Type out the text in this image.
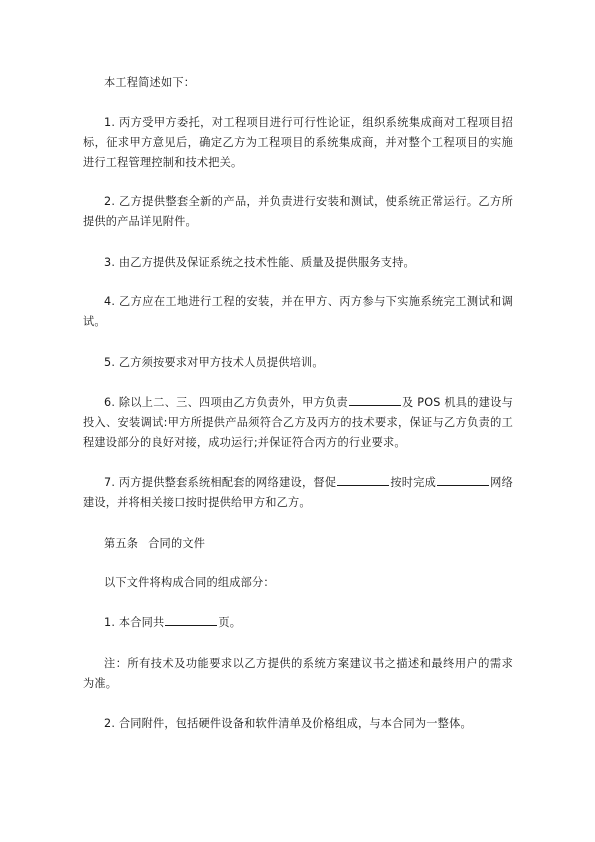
本工程简述如下：

1. 丙方受甲方委托，对工程项目进行可行性论证，组织系统集成商对工程项目招标，征求甲方意见后，确定乙方为工程项目的系统集成商，并对整个工程项目的实施进行工程管理控制和技术把关。

2. 乙方提供整套全新的产品，并负责进行安装和测试，使系统正常运行。乙方所提供的产品详见附件。

3. 由乙方提供及保证系统之技术性能、质量及提供服务支持。

4. 乙方应在工地进行工程的安装，并在甲方、丙方参与下实施系统完工测试和调试。

5. 乙方须按要求对甲方技术人员提供培训。

6. 除以上二、三、四项由乙方负责外，甲方负责	及 POS 机具的建设与投入、安装调试:甲方所提供产品须符合乙方及丙方的技术要求，保证与乙方负责的工程建设部分的良好对接，成功运行;并保证符合丙方的行业要求。

7. 丙方提供整套系统相配套的网络建设，督促	按时完成	网络建设，并将相关接口按时提供给甲方和乙方。

第五条 合同的文件

以下文件将构成合同的组成部分：

1. 本合同共	页。

注：所有技术及功能要求以乙方提供的系统方案建议书之描述和最终用户的需求为准。

2. 合同附件，包括硬件设备和软件清单及价格组成，与本合同为一整体。
